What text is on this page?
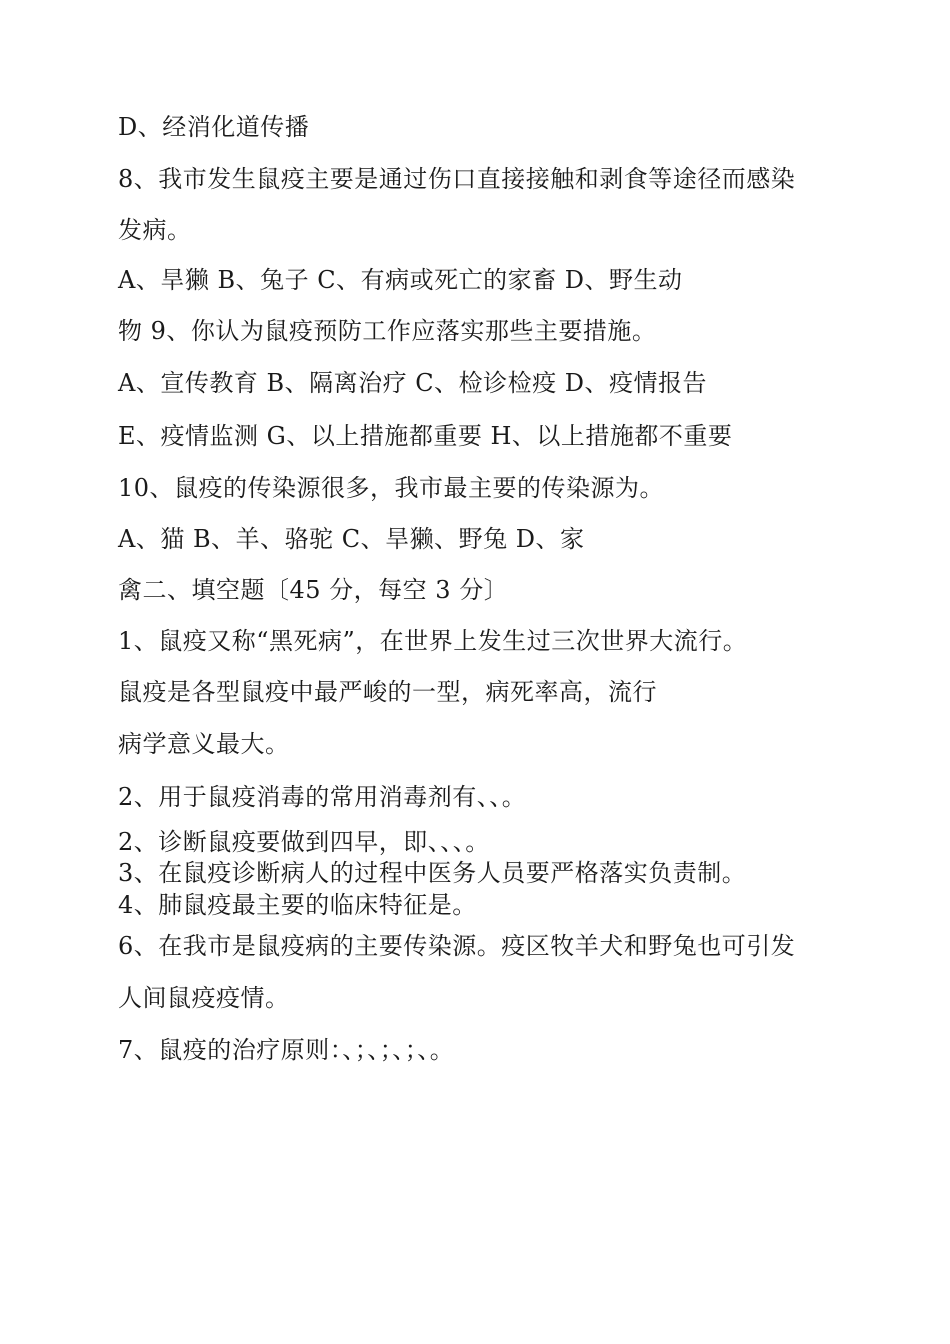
D、经消化道传播
8、我市发生鼠疫主要是通过伤口直接接触和剥食等途径而感染
发病。
A、旱獭 B、兔子 C、有病或死亡的家畜 D、野生动
物 9、你认为鼠疫预防工作应落实那些主要措施。
A、宣传教育 B、隔离治疗 C、检诊检疫 D、疫情报告
E、疫情监测 G、以上措施都重要 H、以上措施都不重要
10、鼠疫的传染源很多，我市最主要的传染源为。
A、猫 B、羊、骆驼 C、旱獭、野兔 D、家
禽二、填空题〔45 分，每空 3 分〕
1、鼠疫又称“黑死病”，在世界上发生过三次世界大流行。
鼠疫是各型鼠疫中最严峻的一型，病死率高，流行
病学意义最大。
2、用于鼠疫消毒的常用消毒剂有、、。
2、诊断鼠疫要做到四早，即、、、。
3、在鼠疫诊断病人的过程中医务人员要严格落实负责制。
4、肺鼠疫最主要的临床特征是。
6、在我市是鼠疫病的主要传染源。疫区牧羊犬和野兔也可引发
人间鼠疫疫情。
7、鼠疫的治疗原则：、；、；、；、。
